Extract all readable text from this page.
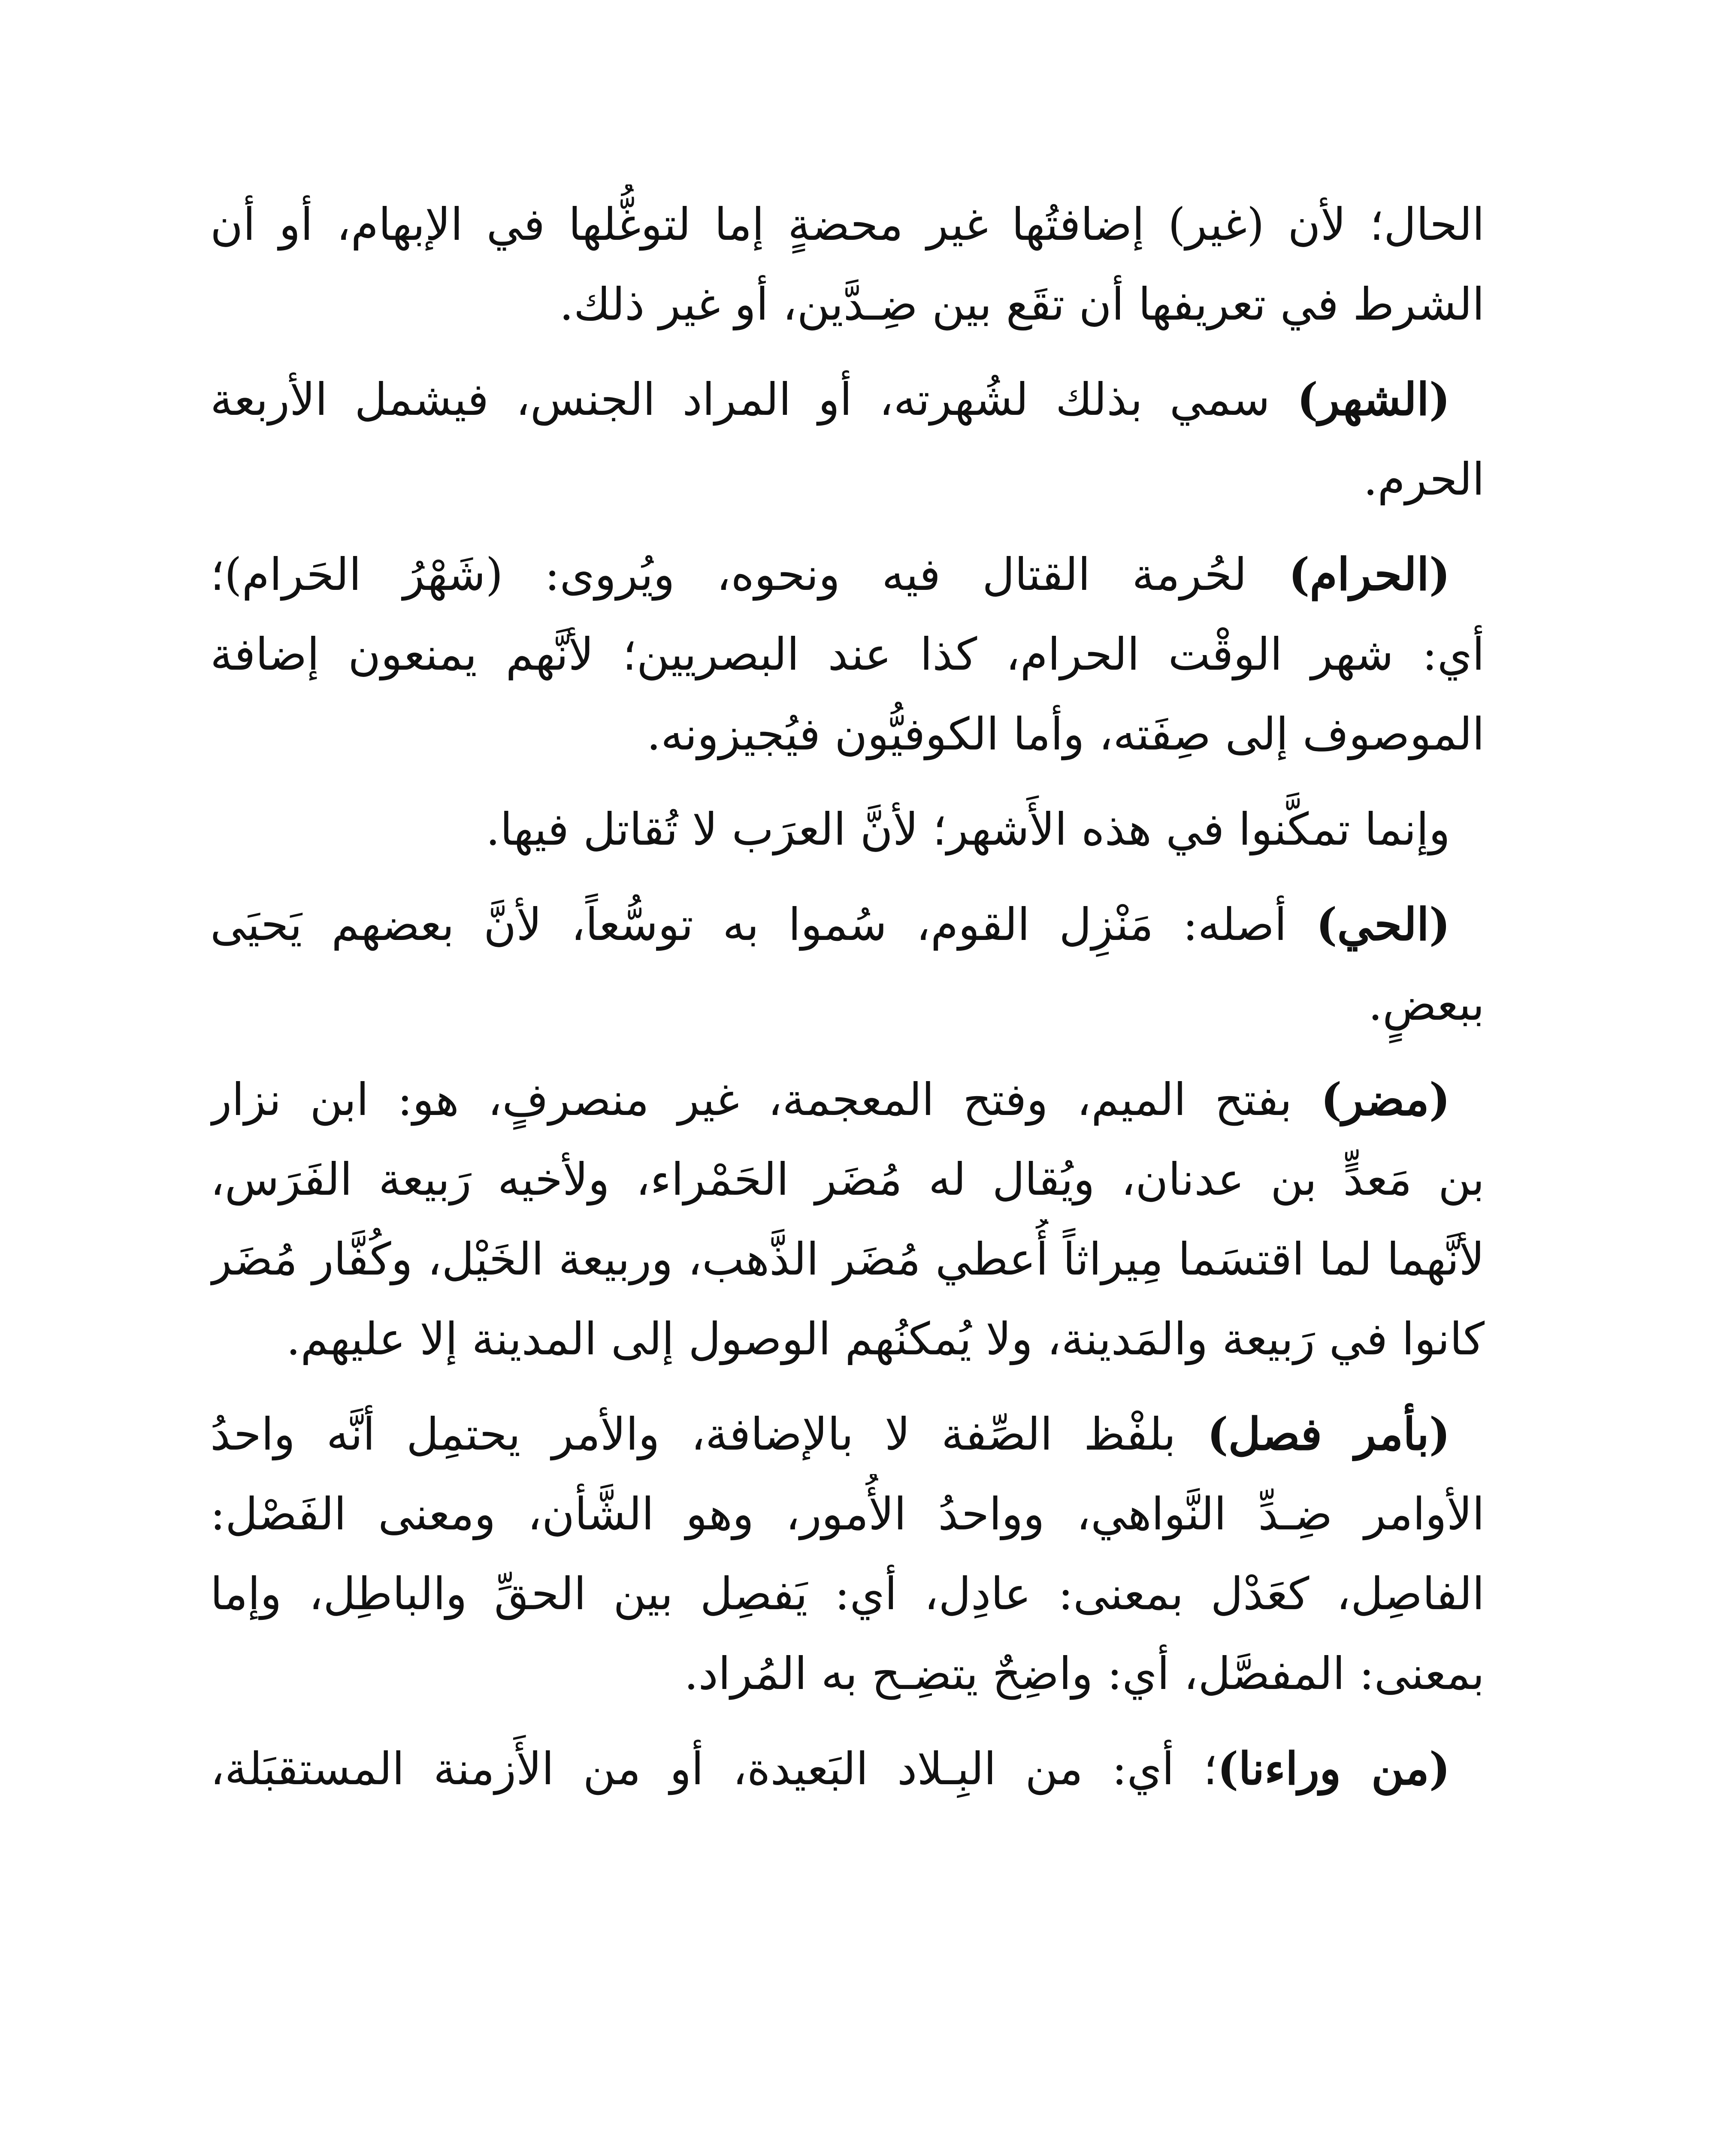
الحال؛ لأن (غير) إضافتُها غير محضةٍ إما لتوغُّلها في الإبهام، أو أن
الشرط في تعريفها أن تقَع بين ضِـدَّين، أو غير ذلك.
(الشهر) سمي بذلك لشُهرته، أو المراد الجنس، فيشمل الأربعة
الحرم.
(الحرام) لحُرمة القتال فيه ونحوه، ويُروى: (شَهْرُ الحَرام)؛
أي: شهر الوقْت الحرام، كذا عند البصريين؛ لأنَّهم يمنعون إضافة
الموصوف إلى صِفَته، وأما الكوفيُّون فيُجيزونه.
وإنما تمكَّنوا في هذه الأَشهر؛ لأنَّ العرَب لا تُقاتل فيها.
(الحي) أصله: مَنْزِل القوم، سُموا به توسُّعاً، لأنَّ بعضهم يَحيَى
ببعضٍ.
(مضر) بفتح الميم، وفتح المعجمة، غير منصرفٍ، هو: ابن نزار
بن مَعدٍّ بن عدنان، ويُقال له مُضَر الحَمْراء، ولأخيه رَبيعة الفَرَس،
لأنَّهما لما اقتسَما مِيراثاً أُعطي مُضَر الذَّهب، وربيعة الخَيْل، وكُفَّار مُضَر
كانوا في رَبيعة والمَدينة، ولا يُمكنُهم الوصول إلى المدينة إلا عليهم.
(بأمر فصل) بلفْظ الصِّفة لا بالإضافة، والأمر يحتمِل أنَّه واحدُ
الأوامر ضِـدِّ النَّواهي، وواحدُ الأُمور، وهو الشَّأن، ومعنى الفَصْل:
الفاصِل، كعَدْل بمعنى: عادِل، أي: يَفصِل بين الحقِّ والباطِل، وإما
بمعنى: المفصَّل، أي: واضِحٌ يتضِـح به المُراد.
(من وراءنا)؛ أي: من البِـلاد البَعيدة، أو من الأَزمنة المستقبَلة،
